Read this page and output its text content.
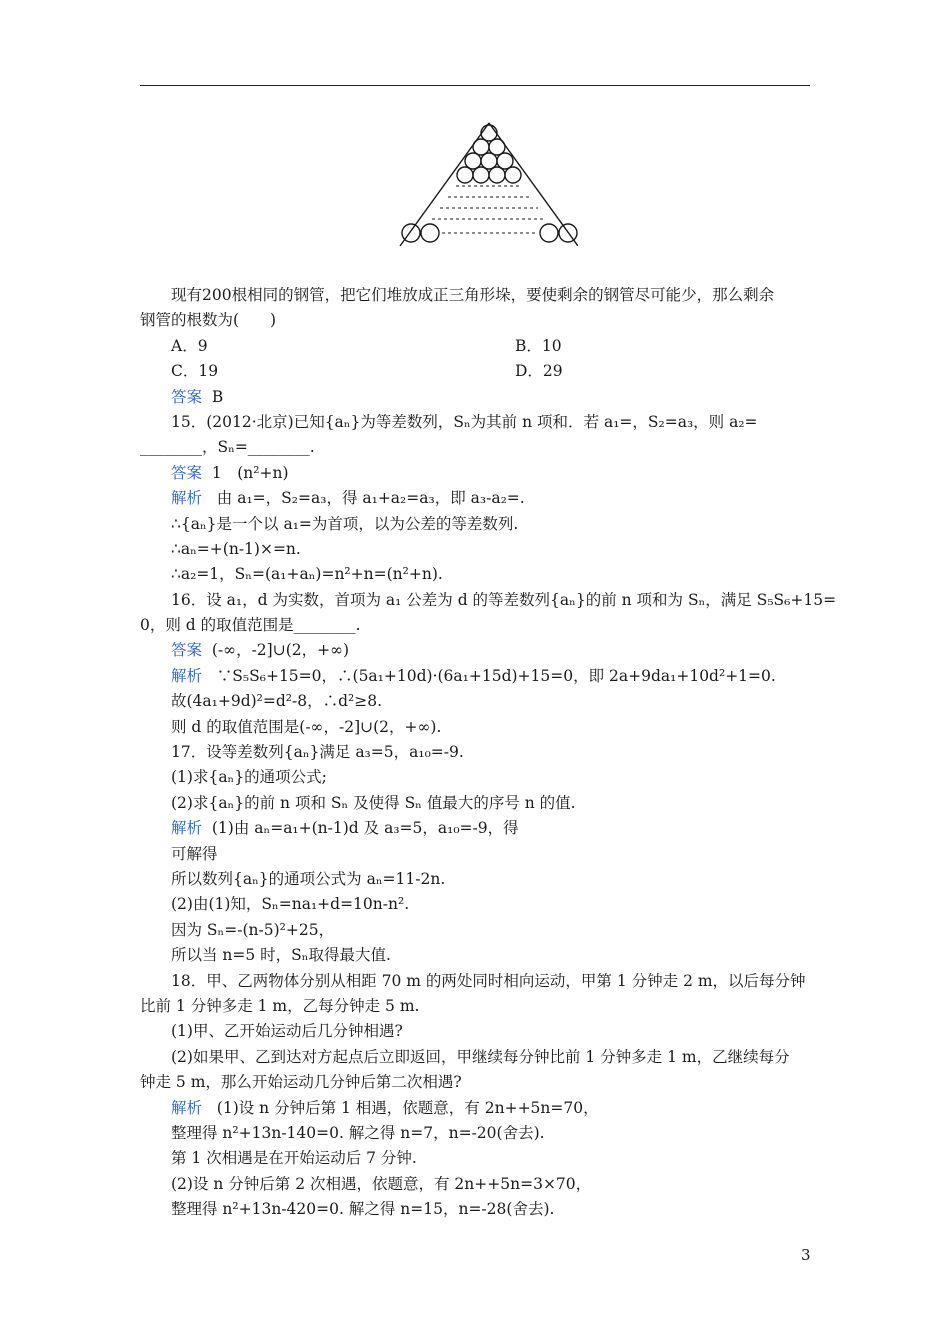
现有200根相同的钢管，把它们堆放成正三角形垛，要使剩余的钢管尽可能少，那么剩余
钢管的根数为(　　)
A．9	B．10
C．19	D．29
答案 B
15．(2012·北京)已知{aₙ}为等差数列，Sₙ为其前 n 项和．若 a₁=，S₂=a₃，则 a₂=
________，Sₙ=________.
答案 1　(n²+n)
解析 由 a₁=，S₂=a₃，得 a₁+a₂=a₃，即 a₃-a₂=.
∴{aₙ}是一个以 a₁=为首项，以为公差的等差数列.
∴aₙ=+(n-1)×=n.
∴a₂=1，Sₙ=(a₁+aₙ)=n²+n=(n²+n).
16．设 a₁，d 为实数，首项为 a₁ 公差为 d 的等差数列{aₙ}的前 n 项和为 Sₙ，满足 S₅S₆+15=
0，则 d 的取值范围是________.
答案 (-∞，-2]∪(2，+∞)
解析 ∵S₅S₆+15=0，∴(5a₁+10d)·(6a₁+15d)+15=0，即 2a+9da₁+10d²+1=0.
故(4a₁+9d)²=d²-8，∴d²≥8.
则 d 的取值范围是(-∞，-2]∪(2，+∞).
17．设等差数列{aₙ}满足 a₃=5，a₁₀=-9.
(1)求{aₙ}的通项公式;
(2)求{aₙ}的前 n 项和 Sₙ 及使得 Sₙ 值最大的序号 n 的值.
解析 (1)由 aₙ=a₁+(n-1)d 及 a₃=5，a₁₀=-9，得
可解得
所以数列{aₙ}的通项公式为 aₙ=11-2n.
(2)由(1)知，Sₙ=na₁+d=10n-n².
因为 Sₙ=-(n-5)²+25，
所以当 n=5 时，Sₙ取得最大值.
18．甲、乙两物体分别从相距 70 m 的两处同时相向运动，甲第 1 分钟走 2 m，以后每分钟
比前 1 分钟多走 1 m，乙每分钟走 5 m.
(1)甲、乙开始运动后几分钟相遇?
(2)如果甲、乙到达对方起点后立即返回，甲继续每分钟比前 1 分钟多走 1 m，乙继续每分
钟走 5 m，那么开始运动几分钟后第二次相遇?
解析 (1)设 n 分钟后第 1 相遇，依题意，有 2n++5n=70，
整理得 n²+13n-140=0. 解之得 n=7，n=-20(舍去).
第 1 次相遇是在开始运动后 7 分钟.
(2)设 n 分钟后第 2 次相遇，依题意，有 2n++5n=3×70，
整理得 n²+13n-420=0. 解之得 n=15，n=-28(舍去).
3
